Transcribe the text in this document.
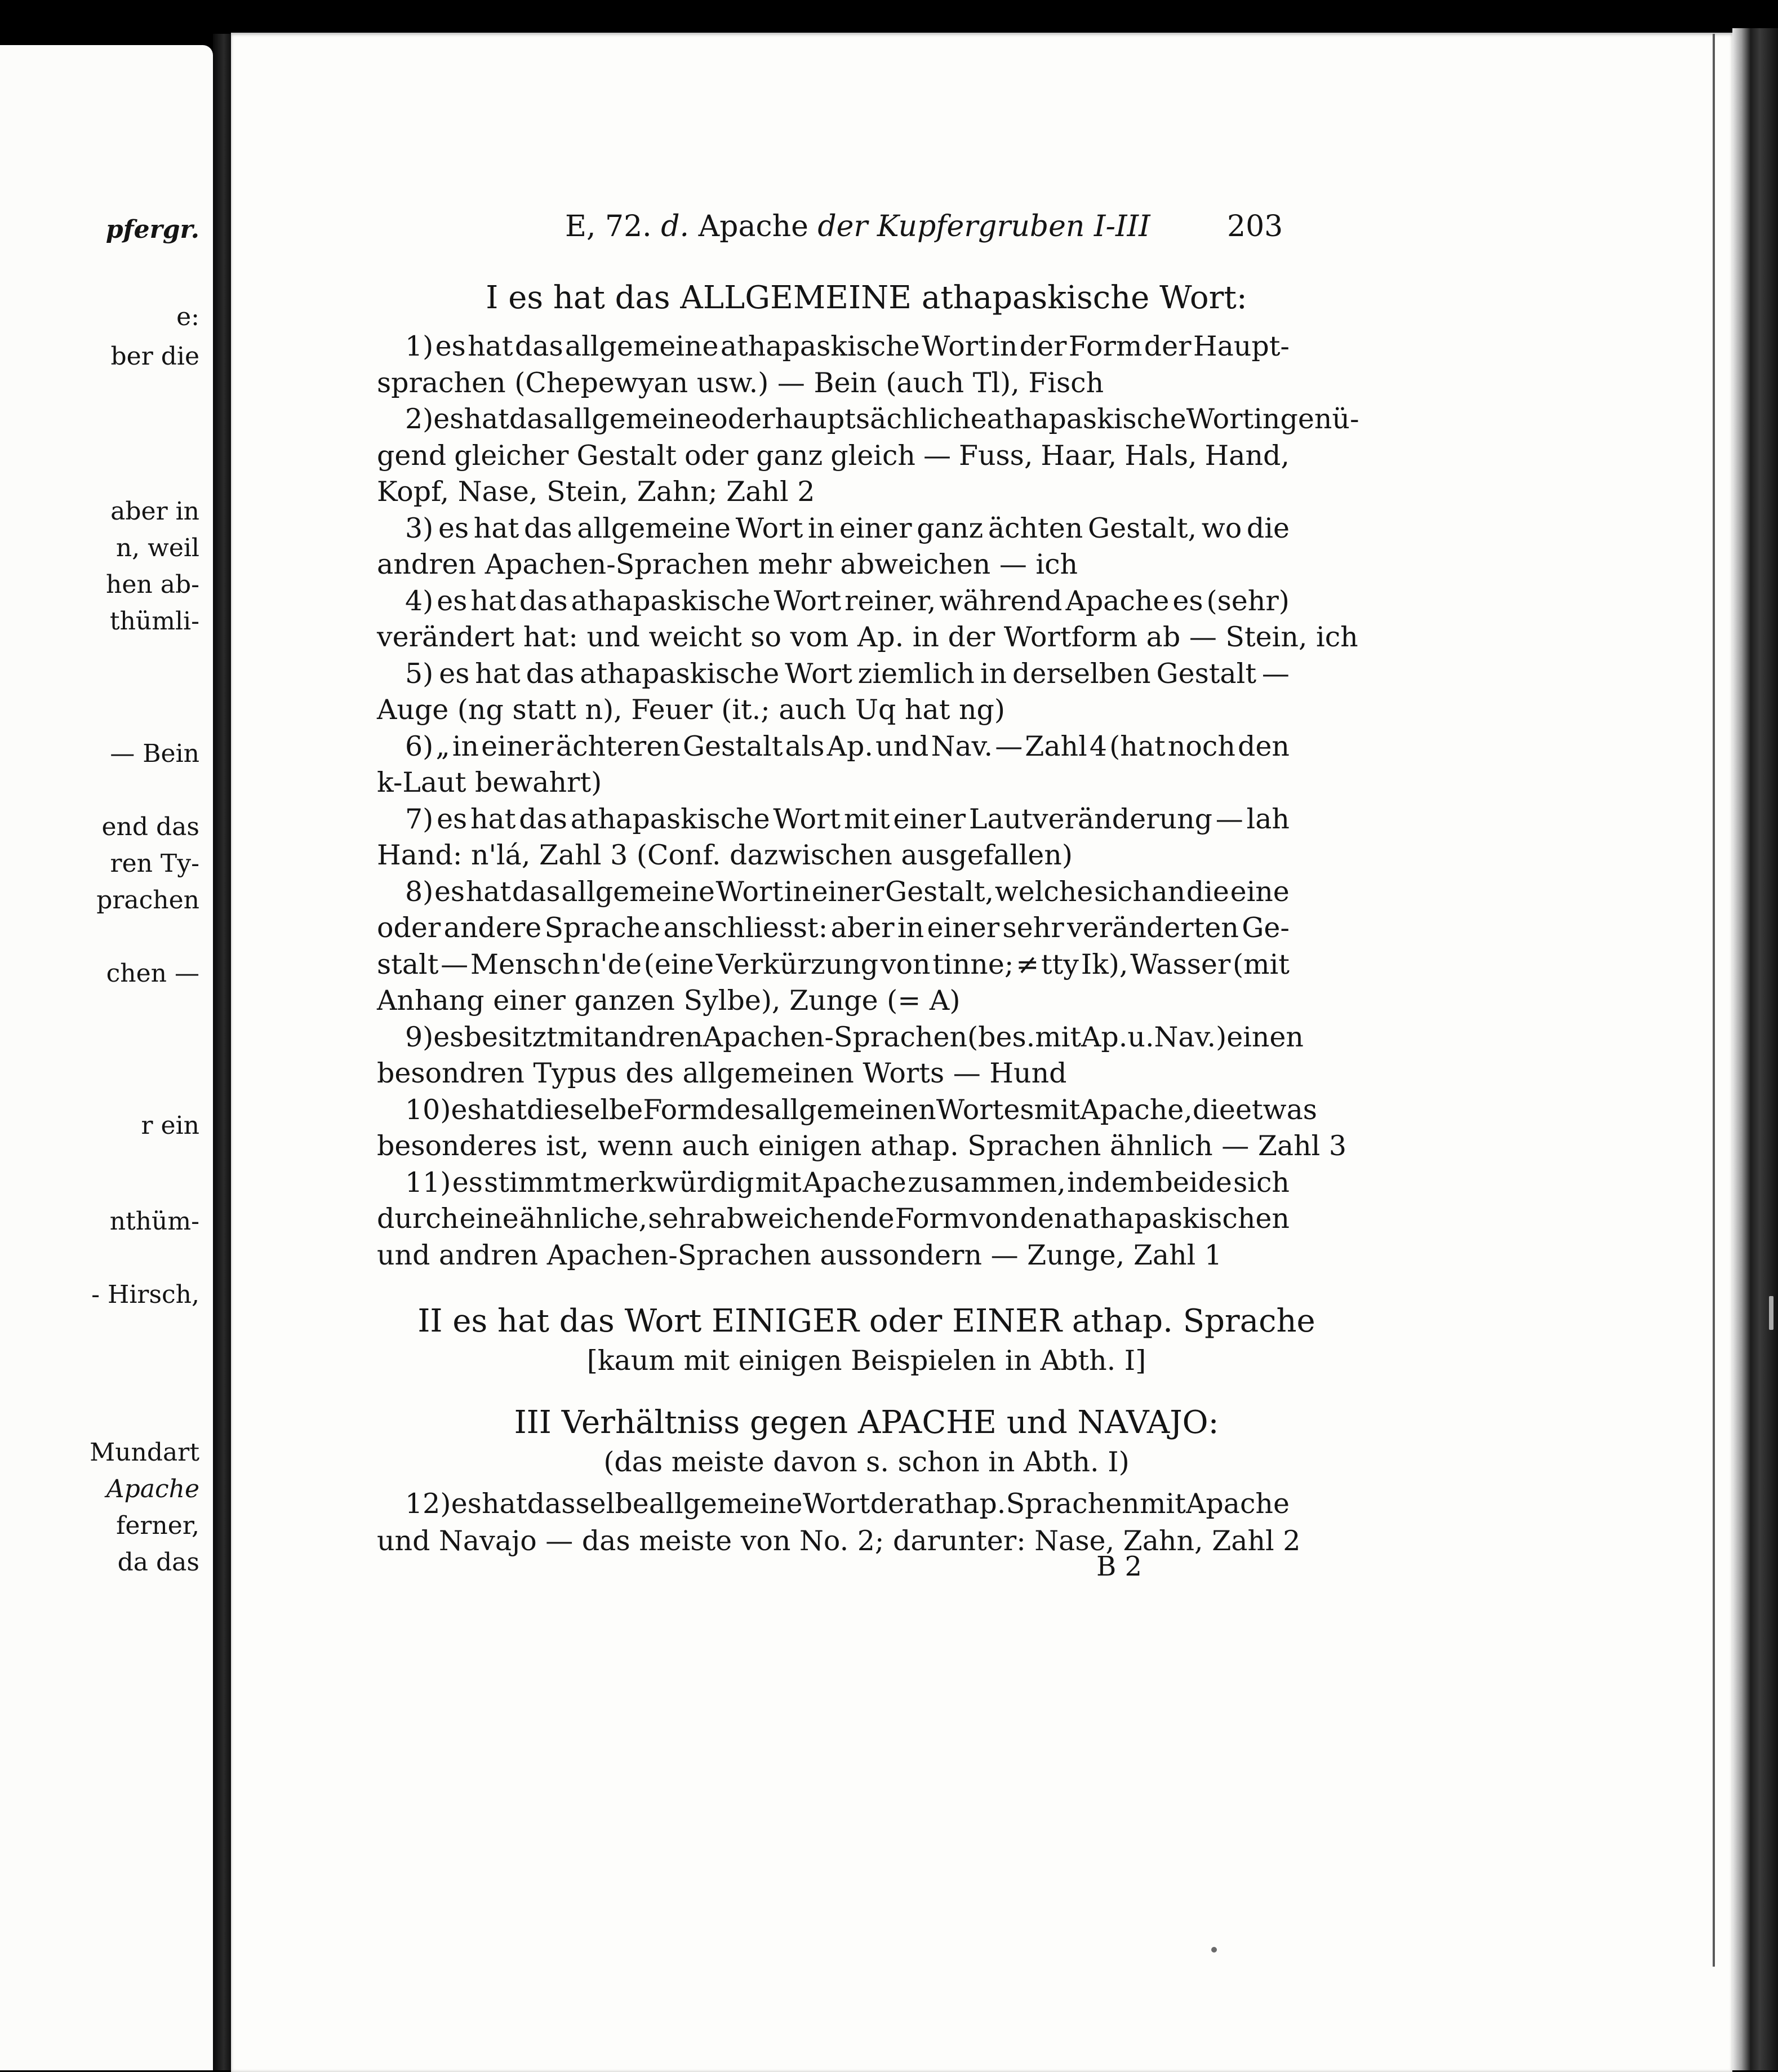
pfergr.
e:
ber die
aber in
n, weil
hen ab-
thümli-
— Bein
end das
ren Ty-
prachen
chen —
r ein
nthüm-
- Hirsch,
Mundart
Apache
ferner,
da das
E, 72. d. Apache der Kupfergruben I-III	203
I es hat das ALLGEMEINE athapaskische Wort:
1) es hat das allgemeine athapaskische Wort in der Form der Haupt-
sprachen (Chepewyan usw.) — Bein (auch Tl), Fisch
2) es hat das allgemeine oder hauptsächliche athapaskische Wort in genü-
gend gleicher Gestalt oder ganz gleich — Fuss, Haar, Hals, Hand,
Kopf, Nase, Stein, Zahn; Zahl 2
3) es hat das allgemeine Wort in einer ganz ächten Gestalt, wo die
andren Apachen-Sprachen mehr abweichen — ich
4) es hat das athapaskische Wort reiner, während Apache es (sehr)
verändert hat: und weicht so vom Ap. in der Wortform ab — Stein, ich
5) es hat das athapaskische Wort ziemlich in derselben Gestalt —
Auge (ng statt n), Feuer (it.; auch Uq hat ng)
6) „ in einer ächteren Gestalt als Ap. und Nav. — Zahl 4 (hat noch den
k-Laut bewahrt)
7) es hat das athapaskische Wort mit einer Lautveränderung — lah
Hand: n'lá, Zahl 3 (Conf. dazwischen ausgefallen)
8) es hat das allgemeine Wort in einer Gestalt, welche sich an die eine
oder andere Sprache anschliesst: aber in einer sehr veränderten Ge-
stalt — Mensch n'de (eine Verkürzung von tinne; ≠ tty Ik), Wasser (mit
Anhang einer ganzen Sylbe), Zunge (= A)
9) es besitzt mit andren Apachen-Sprachen (bes. mit Ap. u. Nav.) einen
besondren Typus des allgemeinen Worts — Hund
10) es hat dieselbe Form des allgemeinen Wortes mit Apache, die etwas
besonderes ist, wenn auch einigen athap. Sprachen ähnlich — Zahl 3
11) es stimmt merkwürdig mit Apache zusammen, indem beide sich
durch eine ähnliche, sehr abweichende Form von den athapaskischen
und andren Apachen-Sprachen aussondern — Zunge, Zahl 1
II es hat das Wort EINIGER oder EINER athap. Sprache
[kaum mit einigen Beispielen in Abth. I]
III Verhältniss gegen APACHE und NAVAJO:
(das meiste davon s. schon in Abth. I)
12) es hat dasselbe allgemeine Wort der athap. Sprachen mit Apache
und Navajo — das meiste von No. 2; darunter: Nase, Zahn, Zahl 2
B 2
